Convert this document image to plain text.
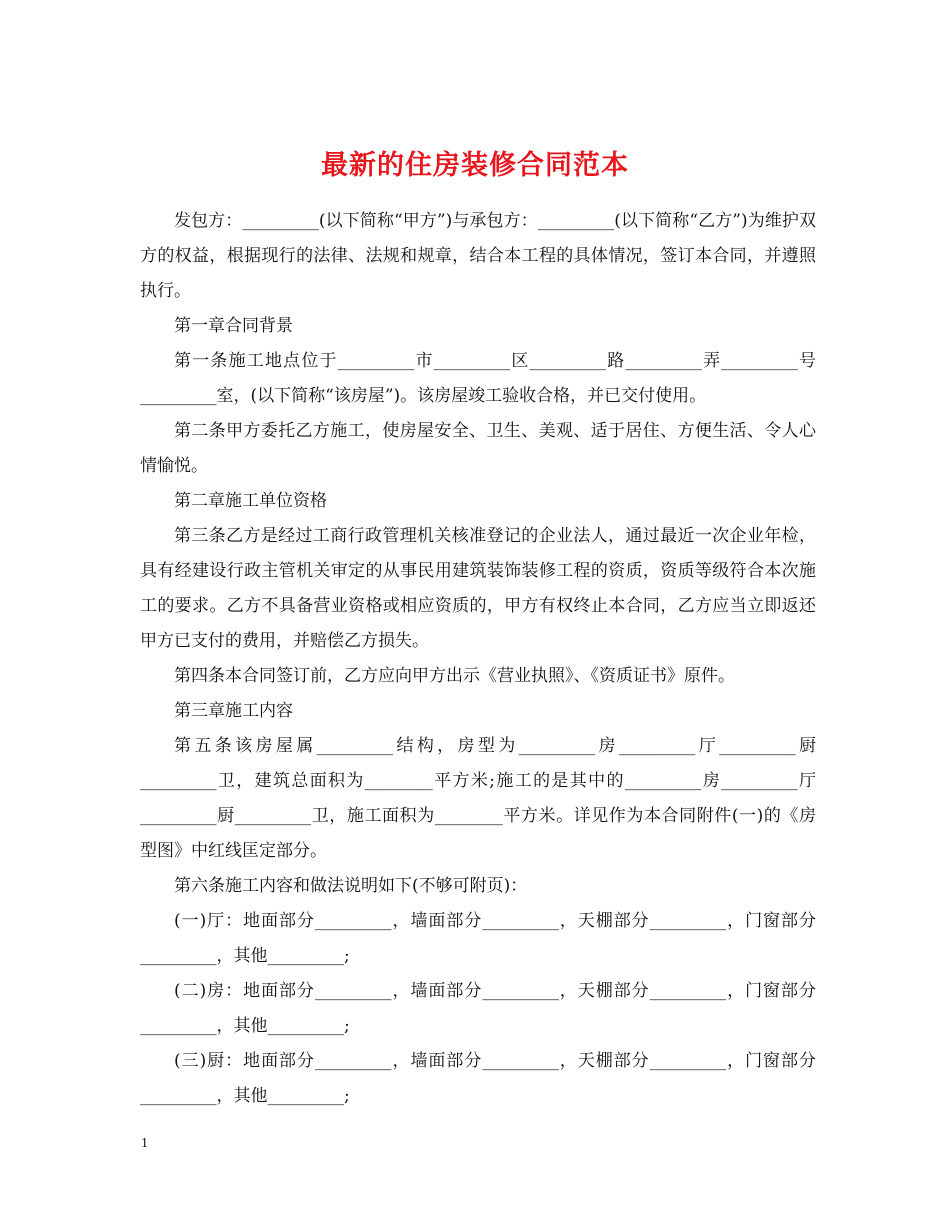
最新的住房装修合同范本

发包方：_________(以下简称“甲方”)与承包方：_________(以下简称“乙方”)为维护双方的权益，根据现行的法律、法规和规章，结合本工程的具体情况，签订本合同，并遵照执行。

第一章合同背景

第一条施工地点位于_________市_________区_________路_________弄_________号_________室，(以下简称“该房屋”)。该房屋竣工验收合格，并已交付使用。

第二条甲方委托乙方施工，使房屋安全、卫生、美观、适于居住、方便生活、令人心情愉悦。

第二章施工单位资格

第三条乙方是经过工商行政管理机关核准登记的企业法人，通过最近一次企业年检，具有经建设行政主管机关审定的从事民用建筑装饰装修工程的资质，资质等级符合本次施工的要求。乙方不具备营业资格或相应资质的，甲方有权终止本合同，乙方应当立即返还甲方已支付的费用，并赔偿乙方损失。

第四条本合同签订前，乙方应向甲方出示《营业执照》、《资质证书》原件。

第三章施工内容

第五条该房屋属_________结构，房型为_________房_________厅_________厨_________卫，建筑总面积为________平方米;施工的是其中的_________房_________厅_________厨_________卫，施工面积为________平方米。详见作为本合同附件(一)的《房型图》中红线匡定部分。

第六条施工内容和做法说明如下(不够可附页)：

(一)厅：地面部分_________，墙面部分_________，天棚部分_________，门窗部分_________，其他_________;

(二)房：地面部分_________，墙面部分_________，天棚部分_________，门窗部分_________，其他_________;

(三)厨：地面部分_________，墙面部分_________，天棚部分_________，门窗部分_________，其他_________;

1
